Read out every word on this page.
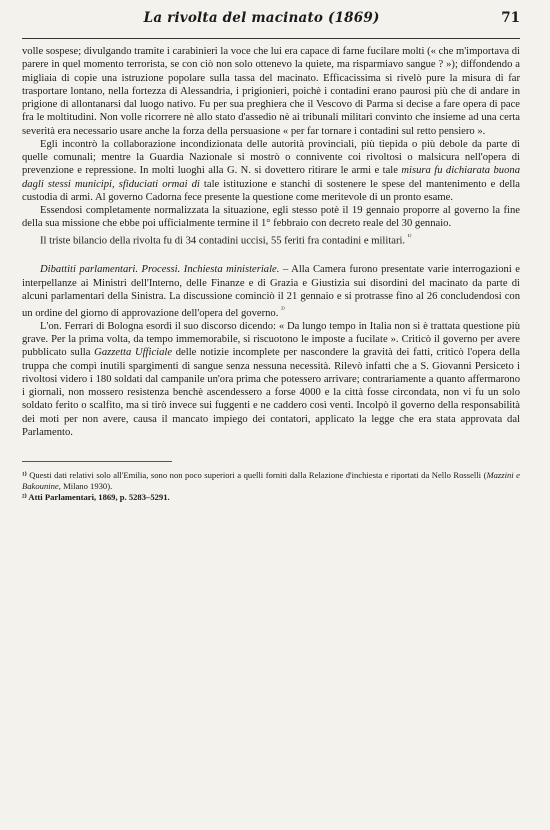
La rivolta del macinato (1869)	71

volle sospese; divulgando tramite i carabinieri la voce che lui era capace di farne fucilare molti (« che m'importava di parere in quel momento terrorista, se con ciò non solo ottenevo la quiete, ma risparmiavo sangue ? »); diffondendo a migliaia di copie una istruzione popolare sulla tassa del macinato. Efficacissima si rivelò pure la misura di far trasportare lontano, nella fortezza di Alessandria, i prigionieri, poichè i contadini erano paurosi più che di andare in prigione di allontanarsi dal luogo nativo. Fu per sua preghiera che il Vescovo di Parma si decise a fare opera di pace fra le moltitudini. Non volle ricorrere nè allo stato d'assedio nè ai tribunali militari convinto che insieme ad una certa severità era necessario usare anche la forza della persuasione « per far tornare i contadini sul retto pensiero ».

Egli incontrò la collaborazione incondizionata delle autorità provinciali, più tiepida o più debole da parte di quelle comunali; mentre la Guardia Nazionale si mostrò o connivente coi rivoltosi o malsicura nell'opera di prevenzione e repressione. In molti luoghi alla G. N. si dovettero ritirare le armi e tale misura fu dichiarata buona dagli stessi municipi, sfiduciati ormai di tale istituzione e stanchi di sostenere le spese del mantenimento e della custodia di armi. Al governo Cadorna fece presente la questione come meritevole di un pronto esame.

Essendosi completamente normalizzata la situazione, egli stesso potè il 19 gennaio proporre al governo la fine della sua missione che ebbe poi ufficialmente termine il 1° febbraio con decreto reale del 30 gennaio.

Il triste bilancio della rivolta fu di 34 contadini uccisi, 55 feriti fra contadini e militari. $^{^{1)}}$

Dibattiti parlamentari. Processi. Inchiesta ministeriale. – Alla Camera furono presentate varie interrogazioni e interpellanze ai Ministri dell'Interno, delle Finanze e di Grazia e Giustizia sui disordini del macinato da parte di alcuni parlamentari della Sinistra. La discussione cominciò il 21 gennaio e si protrasse fino al 26 concludendosi con un ordine del giorno di approvazione dell'opera del governo. $^{^{2)}}$

L'on. Ferrari di Bologna esordì il suo discorso dicendo: « Da lungo tempo in Italia non si è trattata questione più grave. Per la prima volta, da tempo immemorabile, si riscuotono le imposte a fucilate ». Criticò il governo per avere pubblicato sulla Gazzetta Ufficiale delle notizie incomplete per nascondere la gravità dei fatti, criticò l'opera della truppa che compì inutili spargimenti di sangue senza nessuna necessità. Rilevò infatti che a S. Giovanni Persiceto i rivoltosi videro i 180 soldati dal campanile un'ora prima che potessero arrivare; contrariamente a quanto affermarono i giornali, non mossero resistenza benchè ascendessero a forse 4000 e la città fosse circondata, non vi fu un solo soldato ferito o scalfito, ma si tirò invece sui fuggenti e ne caddero così venti. Incolpò il governo della responsabilità dei moti per non avere, causa il mancato impiego dei contatori, applicato la legge che era stata approvata dal Parlamento.

¹⁾ Questi dati relativi solo all'Emilia, sono non poco superiori a quelli forniti dalla Relazione d'inchiesta e riportati da Nello Rosselli (Mazzini e Bakounine, Milano 1930).

²⁾ Atti Parlamentari, 1869, p. 5283–5291.
